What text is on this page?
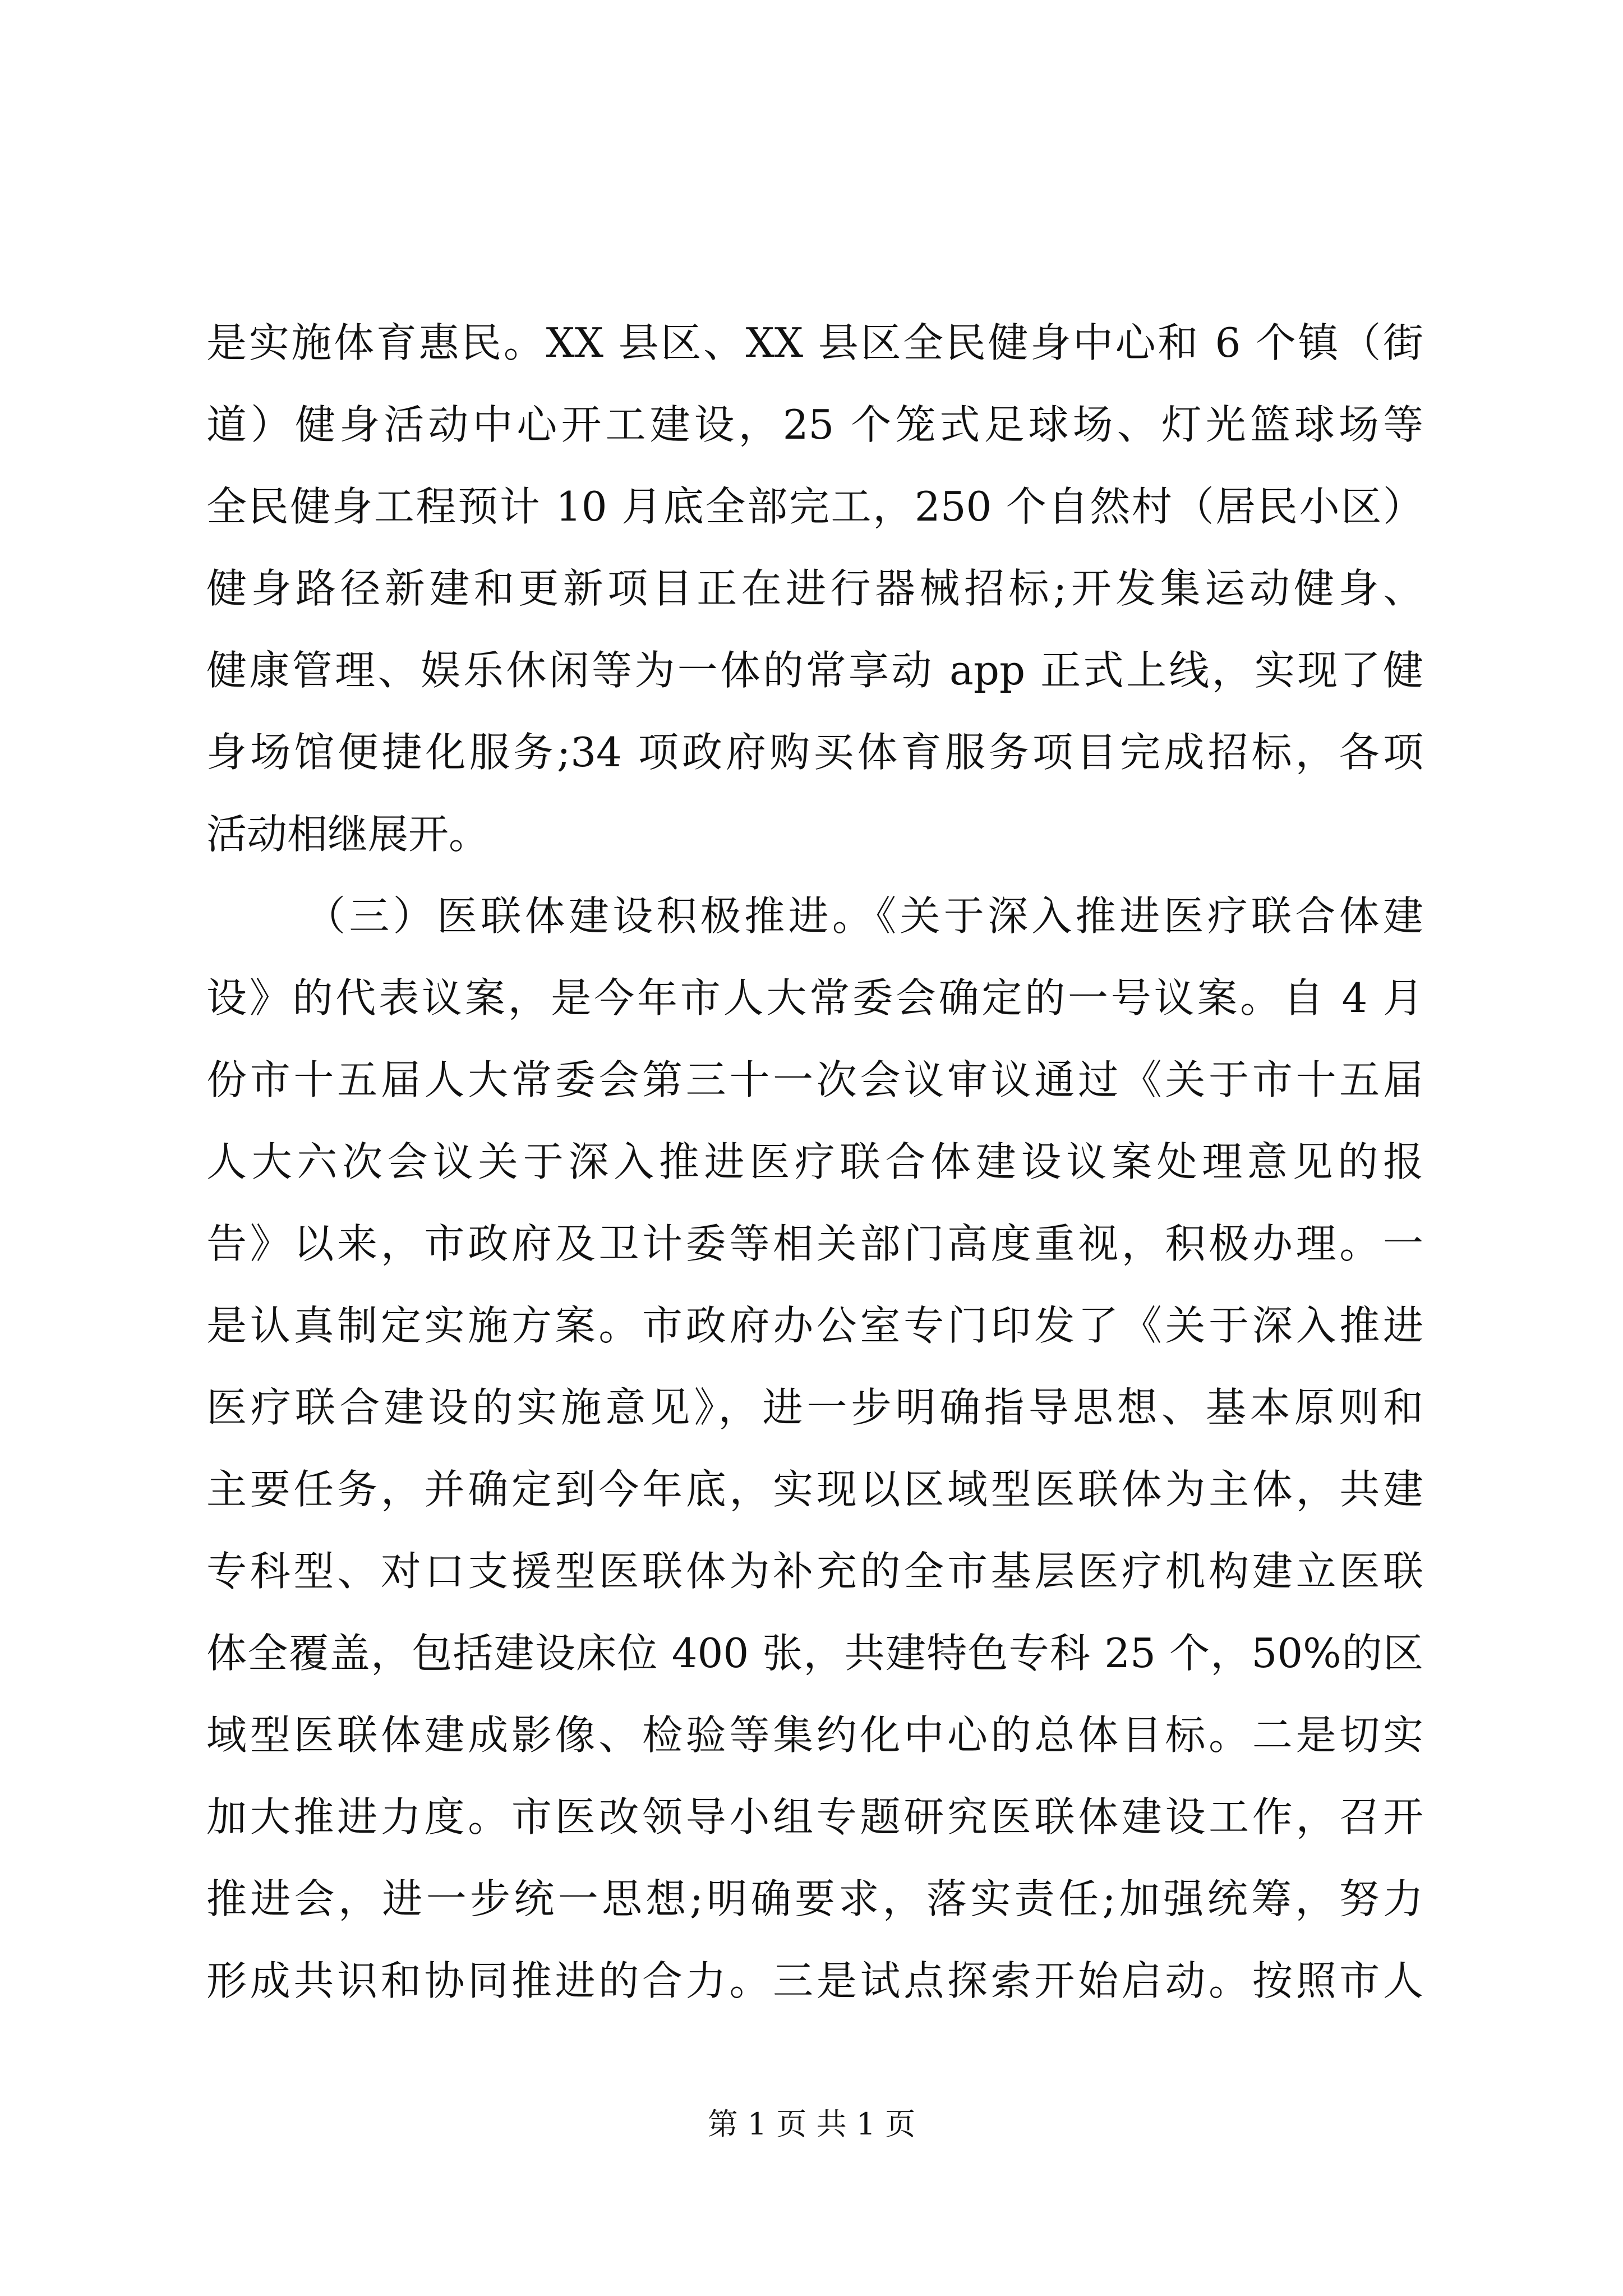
是实施体育惠民。XX 县区、XX 县区全民健身中心和 6 个镇（街
道）健身活动中心开工建设，25 个笼式足球场、灯光篮球场等
全民健身工程预计 10 月底全部完工，250 个自然村（居民小区）
健身路径新建和更新项目正在进行器械招标;开发集运动健身、
健康管理、娱乐休闲等为一体的常享动 app 正式上线，实现了健
身场馆便捷化服务;34 项政府购买体育服务项目完成招标，各项
活动相继展开。
（三）医联体建设积极推进。《关于深入推进医疗联合体建
设》的代表议案，是今年市人大常委会确定的一号议案。自 4 月
份市十五届人大常委会第三十一次会议审议通过《关于市十五届
人大六次会议关于深入推进医疗联合体建设议案处理意见的报
告》以来，市政府及卫计委等相关部门高度重视，积极办理。一
是认真制定实施方案。市政府办公室专门印发了《关于深入推进
医疗联合建设的实施意见》，进一步明确指导思想、基本原则和
主要任务，并确定到今年底，实现以区域型医联体为主体，共建
专科型、对口支援型医联体为补充的全市基层医疗机构建立医联
体全覆盖，包括建设床位 400 张，共建特色专科 25 个，50%的区
域型医联体建成影像、检验等集约化中心的总体目标。二是切实
加大推进力度。市医改领导小组专题研究医联体建设工作，召开
推进会，进一步统一思想;明确要求，落实责任;加强统筹，努力
形成共识和协同推进的合力。三是试点探索开始启动。按照市人
第 1 页 共 1 页
